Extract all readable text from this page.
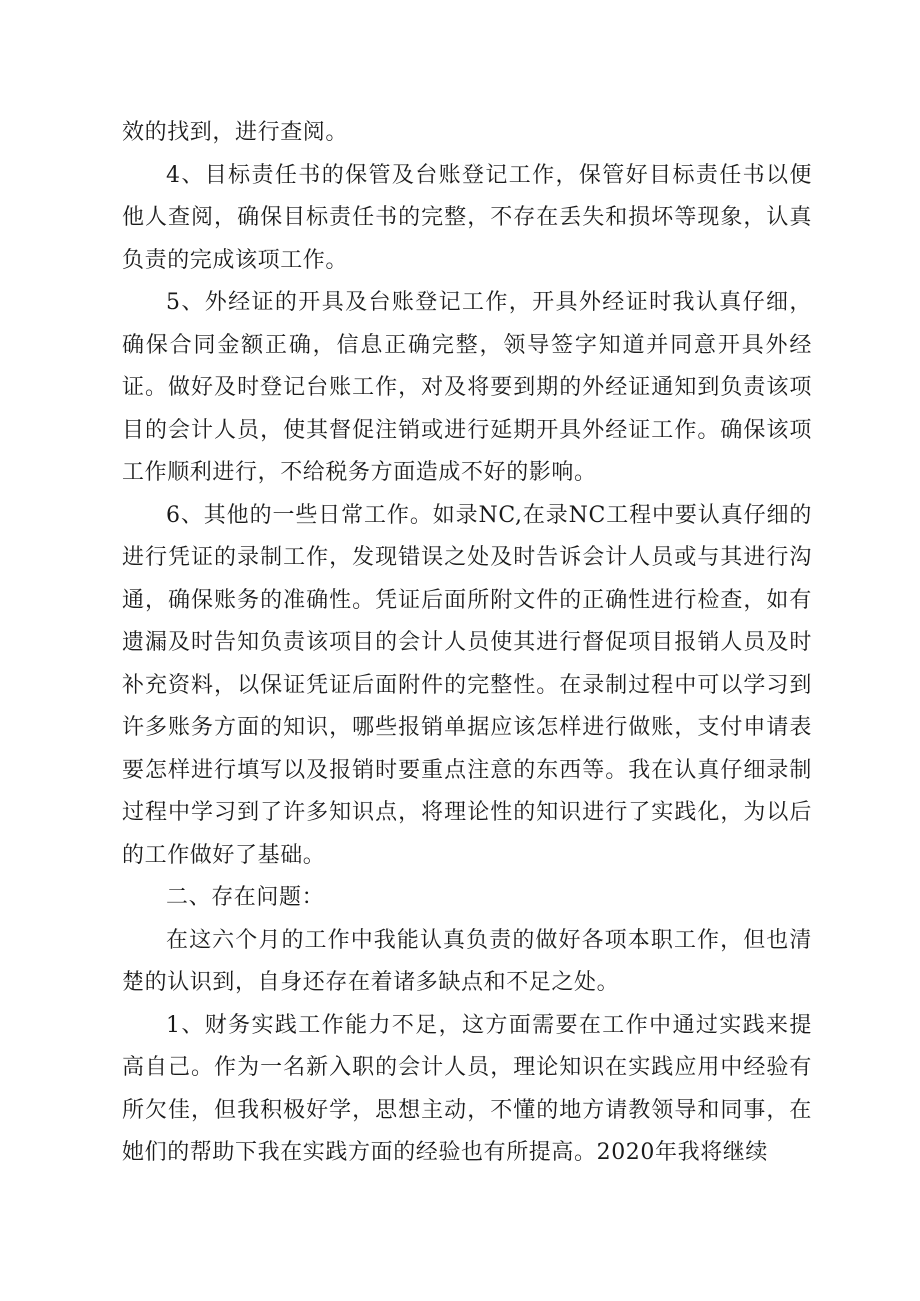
效的找到，进行查阅。

4、目标责任书的保管及台账登记工作，保管好目标责任书以便他人查阅，确保目标责任书的完整，不存在丢失和损坏等现象，认真负责的完成该项工作。

5、外经证的开具及台账登记工作，开具外经证时我认真仔细，确保合同金额正确，信息正确完整，领导签字知道并同意开具外经证。做好及时登记台账工作，对及将要到期的外经证通知到负责该项目的会计人员，使其督促注销或进行延期开具外经证工作。确保该项工作顺利进行，不给税务方面造成不好的影响。

6、其他的一些日常工作。如录NC,在录NC工程中要认真仔细的进行凭证的录制工作，发现错误之处及时告诉会计人员或与其进行沟通，确保账务的准确性。凭证后面所附文件的正确性进行检查，如有遗漏及时告知负责该项目的会计人员使其进行督促项目报销人员及时补充资料，以保证凭证后面附件的完整性。在录制过程中可以学习到许多账务方面的知识，哪些报销单据应该怎样进行做账，支付申请表要怎样进行填写以及报销时要重点注意的东西等。我在认真仔细录制过程中学习到了许多知识点，将理论性的知识进行了实践化，为以后的工作做好了基础。

二、存在问题：

在这六个月的工作中我能认真负责的做好各项本职工作，但也清楚的认识到，自身还存在着诸多缺点和不足之处。

1、财务实践工作能力不足，这方面需要在工作中通过实践来提高自己。作为一名新入职的会计人员，理论知识在实践应用中经验有所欠佳，但我积极好学，思想主动，不懂的地方请教领导和同事，在她们的帮助下我在实践方面的经验也有所提高。2020年我将继续
